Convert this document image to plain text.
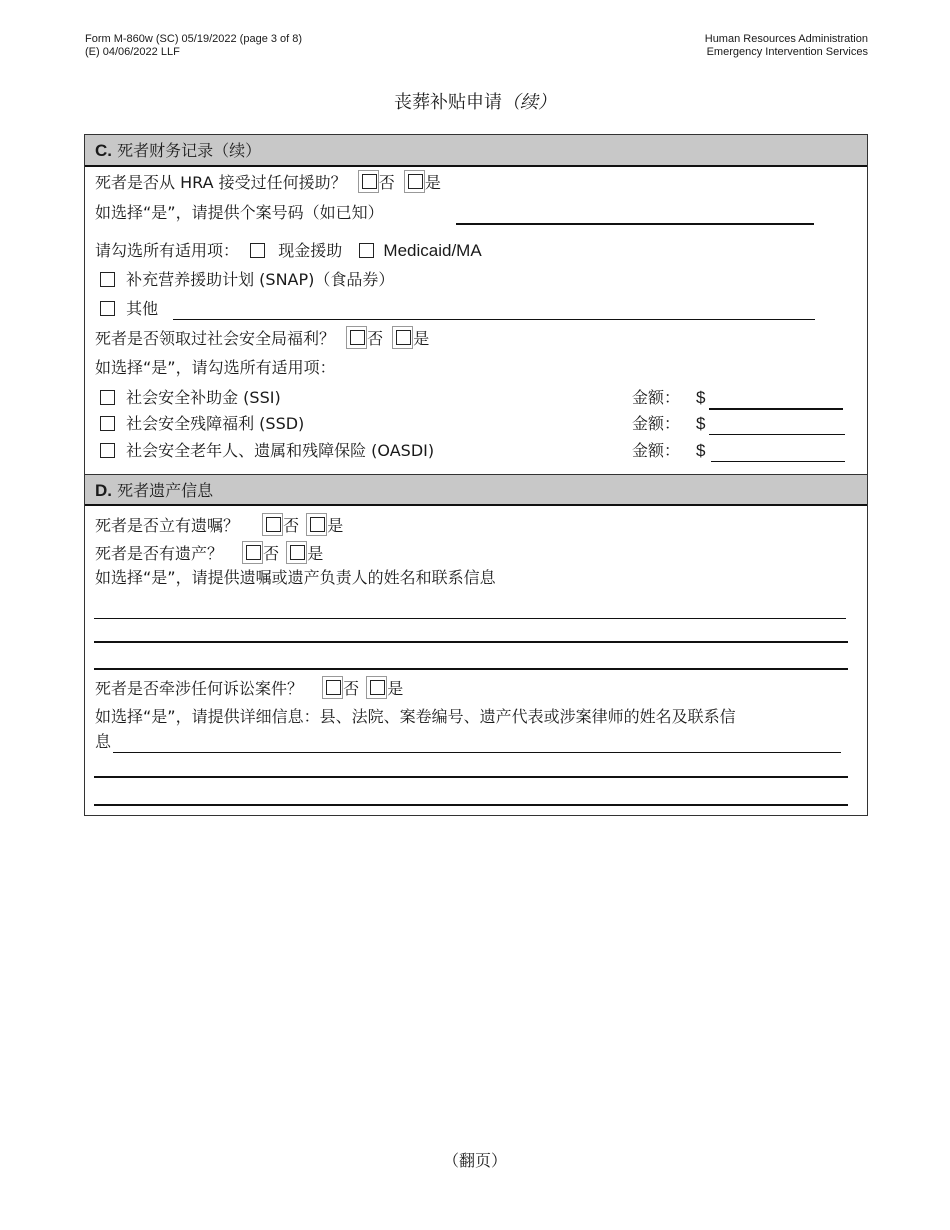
Form M-860w (SC) 05/19/2022 (page 3 of 8)
(E) 04/06/2022 LLF
Human Resources Administration
Emergency Intervention Services
丧葬补贴申请（续）
C. 死者财务记录（续）
死者是否从 HRA 接受过任何援助？ 否 是
如选择“是”，请提供个案号码（如已知）
请勾选所有适用项： 现金援助 Medicaid/MA
补充营养援助计划 (SNAP)（食品券）
其他
死者是否领取过社会安全局福利？ 否 是
如选择“是”，请勾选所有适用项：
社会安全补助金 (SSI)	金额： $
社会安全残障福利 (SSD)	金额： $
社会安全老年人、遗属和残障保险 (OASDI)	金额： $
D. 死者遗产信息
死者是否立有遗嘱？	否 是
死者是否有遗产？	否 是
如选择“是”，请提供遗嘱或遗产负责人的姓名和联系信息
死者是否牵涉任何诉讼案件？	否 是
如选择“是”，请提供详细信息：县、法院、案卷编号、遗产代表或涉案律师的姓名及联系信
息
（翻页）
